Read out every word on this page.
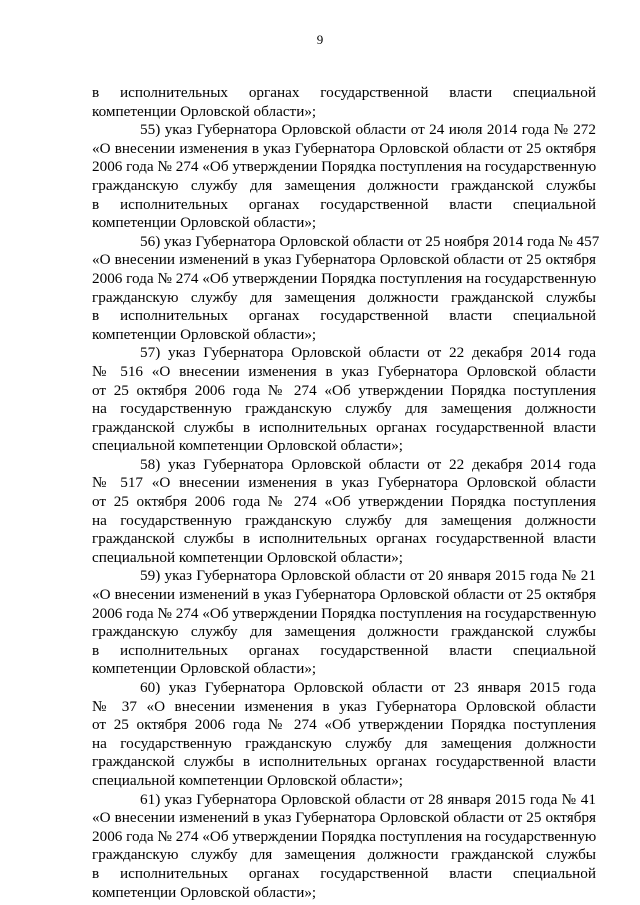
9
в исполнительных органах государственной власти специальной
компетенции Орловской области»;
55) указ Губернатора Орловской области от 24 июля 2014 года № 272
«О внесении изменения в указ Губернатора Орловской области от 25 октября
2006 года № 274 «Об утверждении Порядка поступления на государственную
гражданскую службу для замещения должности гражданской службы
в исполнительных органах государственной власти специальной
компетенции Орловской области»;
56) указ Губернатора Орловской области от 25 ноября 2014 года № 457
«О внесении изменений в указ Губернатора Орловской области от 25 октября
2006 года № 274 «Об утверждении Порядка поступления на государственную
гражданскую службу для замещения должности гражданской службы
в исполнительных органах государственной власти специальной
компетенции Орловской области»;
57) указ Губернатора Орловской области от 22 декабря 2014 года
№ 516 «О внесении изменения в указ Губернатора Орловской области
от 25 октября 2006 года № 274 «Об утверждении Порядка поступления
на государственную гражданскую службу для замещения должности
гражданской службы в исполнительных органах государственной власти
специальной компетенции Орловской области»;
58) указ Губернатора Орловской области от 22 декабря 2014 года
№ 517 «О внесении изменения в указ Губернатора Орловской области
от 25 октября 2006 года № 274 «Об утверждении Порядка поступления
на государственную гражданскую службу для замещения должности
гражданской службы в исполнительных органах государственной власти
специальной компетенции Орловской области»;
59) указ Губернатора Орловской области от 20 января 2015 года № 21
«О внесении изменений в указ Губернатора Орловской области от 25 октября
2006 года № 274 «Об утверждении Порядка поступления на государственную
гражданскую службу для замещения должности гражданской службы
в исполнительных органах государственной власти специальной
компетенции Орловской области»;
60) указ Губернатора Орловской области от 23 января 2015 года
№ 37 «О внесении изменения в указ Губернатора Орловской области
от 25 октября 2006 года № 274 «Об утверждении Порядка поступления
на государственную гражданскую службу для замещения должности
гражданской службы в исполнительных органах государственной власти
специальной компетенции Орловской области»;
61) указ Губернатора Орловской области от 28 января 2015 года № 41
«О внесении изменений в указ Губернатора Орловской области от 25 октября
2006 года № 274 «Об утверждении Порядка поступления на государственную
гражданскую службу для замещения должности гражданской службы
в исполнительных органах государственной власти специальной
компетенции Орловской области»;
